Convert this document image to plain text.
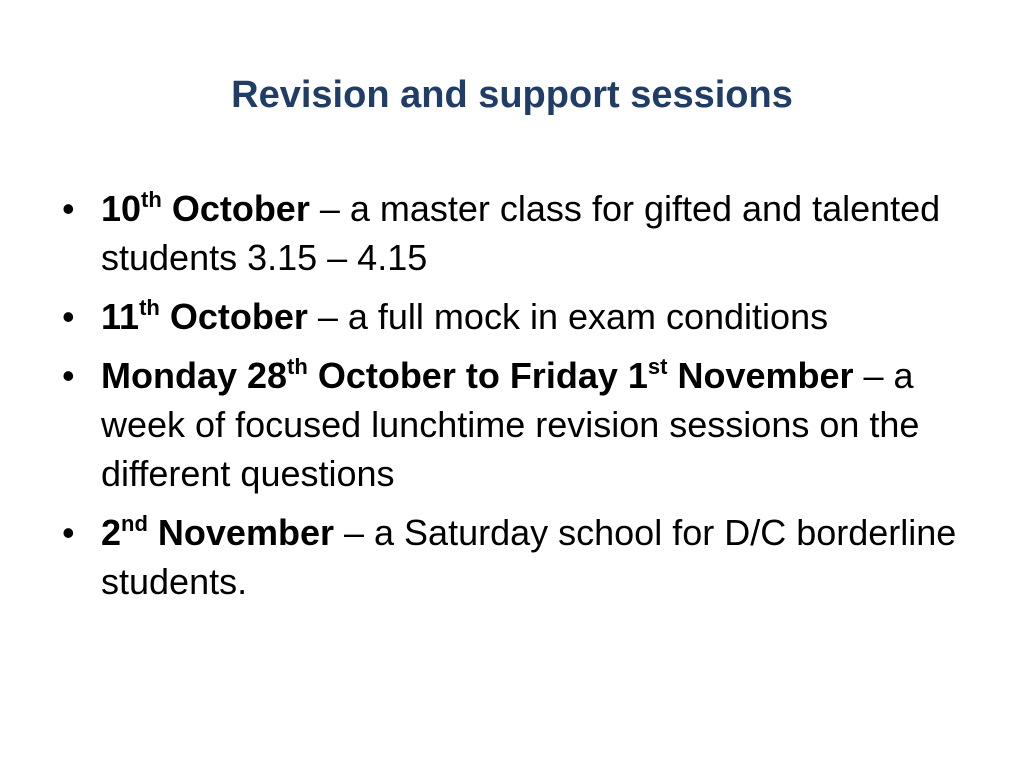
Revision and support sessions
• 10th October – a master class for gifted and talented students 3.15 – 4.15
• 11th October – a full mock in exam conditions
• Monday 28th October to Friday 1st November – a week of focused lunchtime revision sessions on the different questions
• 2nd November – a Saturday school for D/C borderline students.
